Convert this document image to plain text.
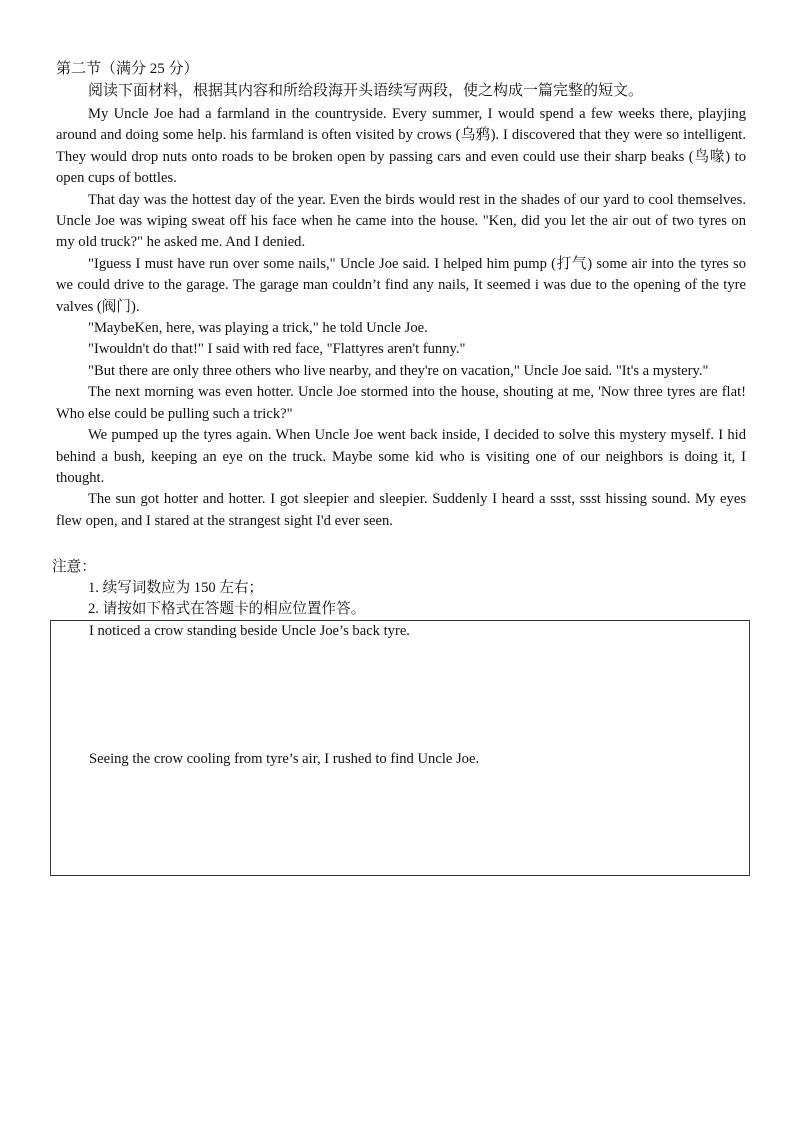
第二节（满分 25 分）
阅读下面材料，根据其内容和所给段海开头语续写两段，使之构成一篇完整的短文。

My Uncle Joe had a farmland in the countryside. Every summer, I would spend a few weeks there, playjing around and doing some help. his farmland is often visited by crows (乌鸦). I discovered that they were so intelligent. They would drop nuts onto roads to be broken open by passing cars and even could use their sharp beaks (鸟喙) to open cups of bottles.

That day was the hottest day of the year. Even the birds would rest in the shades of our yard to cool themselves. Uncle Joe was wiping sweat off his face when he came into the house. "Ken, did you let the air out of two tyres on my old truck?" he asked me. And I denied.

"Iguess I must have run over some nails," Uncle Joe said. I helped him pump (打气) some air into the tyres so we could drive to the garage. The garage man couldn’t find any nails, It seemed i was due to the opening of the tyre valves (阀门).

"MaybeKen, here, was playing a trick," he told Uncle Joe.

"Iwouldn't do that!" I said with red face, "Flattyres aren't funny."

"But there are only three others who live nearby, and they're on vacation," Uncle Joe said. "It's a mystery."

The next morning was even hotter. Uncle Joe stormed into the house, shouting at me, 'Now three tyres are flat! Who else could be pulling such a trick?"

We pumped up the tyres again. When Uncle Joe went back inside, I decided to solve this mystery myself. I hid behind a bush, keeping an eye on the truck. Maybe some kid who is visiting one of our neighbors is doing it, I thought.

The sun got hotter and hotter. I got sleepier and sleepier. Suddenly I heard a ssst, ssst hissing sound. My eyes flew open, and I stared at the strangest sight I'd ever seen.

注意：
1. 续写词数应为 150 左右；
2. 请按如下格式在答题卡的相应位置作答。
I noticed a crow standing beside Uncle Joe’s back tyre.
Seeing the crow cooling from tyre’s air, I rushed to find Uncle Joe.
